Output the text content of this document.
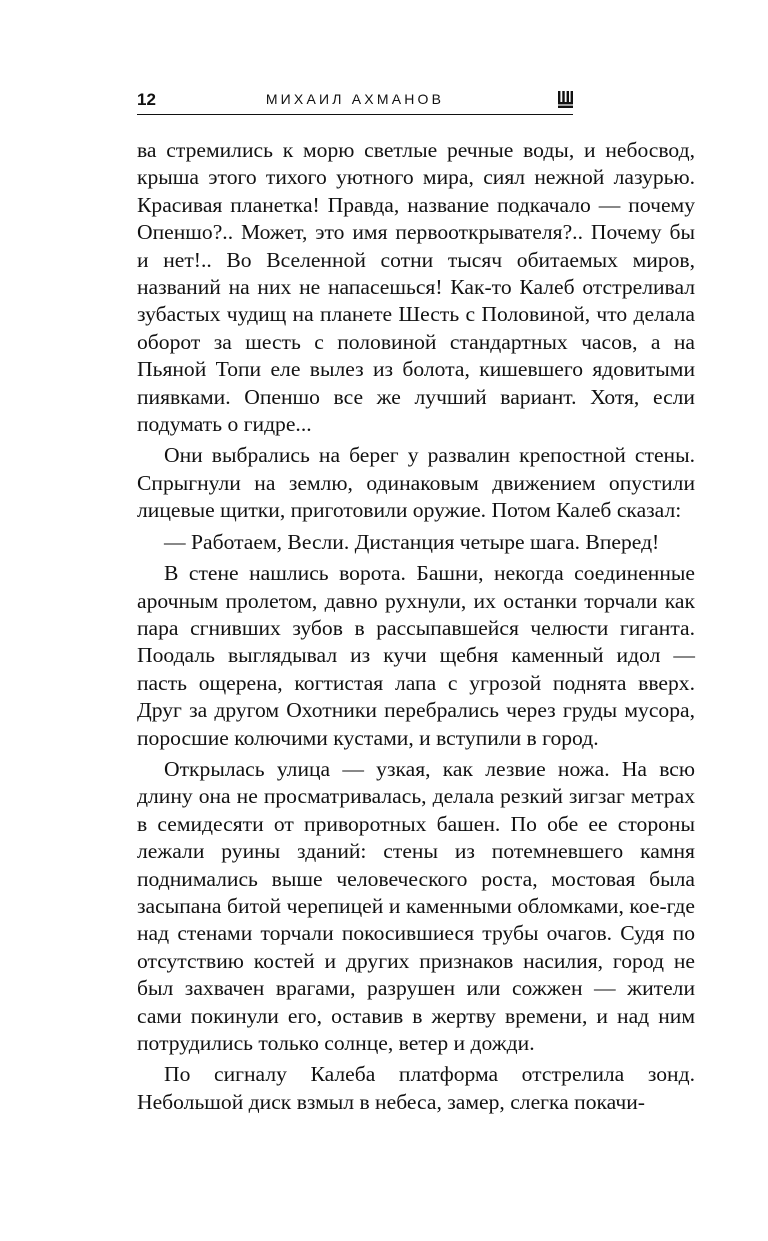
12	МИХАИЛ АХМАНОВ

ва стремились к морю светлые речные воды, и небосвод, крыша этого тихого уютного мира, сиял нежной лазурью. Красивая планетка! Правда, название подкачало — почему Опеншо?.. Может, это имя первооткрывателя?.. Почему бы и нет!.. Во Вселенной сотни тысяч обитаемых миров, названий на них не напасешься! Как-то Калеб отстреливал зубастых чудищ на планете Шесть с Половиной, что делала оборот за шесть с половиной стандартных часов, а на Пьяной Топи еле вылез из болота, кишевшего ядовитыми пиявками. Опеншо все же лучший вариант. Хотя, если подумать о гидре...

Они выбрались на берег у развалин крепостной стены. Спрыгнули на землю, одинаковым движением опустили лицевые щитки, приготовили оружие. Потом Калеб сказал:

— Работаем, Весли. Дистанция четыре шага. Вперед!

В стене нашлись ворота. Башни, некогда соединенные арочным пролетом, давно рухнули, их останки торчали как пара сгнивших зубов в рассыпавшейся челюсти гиганта. Поодаль выглядывал из кучи щебня каменный идол — пасть ощерена, когтистая лапа с угрозой поднята вверх. Друг за другом Охотники перебрались через груды мусора, поросшие колючими кустами, и вступили в город.

Открылась улица — узкая, как лезвие ножа. На всю длину она не просматривалась, делала резкий зигзаг метрах в семидесяти от приворотных башен. По обе ее стороны лежали руины зданий: стены из потемневшего камня поднимались выше человеческого роста, мостовая была засыпана битой черепицей и каменными обломками, кое-где над стенами торчали покосившиеся трубы очагов. Судя по отсутствию костей и других признаков насилия, город не был захвачен врагами, разрушен или сожжен — жители сами покинули его, оставив в жертву времени, и над ним потрудились только солнце, ветер и дожди.

По сигналу Калеба платформа отстрелила зонд. Небольшой диск взмыл в небеса, замер, слегка покачи-
